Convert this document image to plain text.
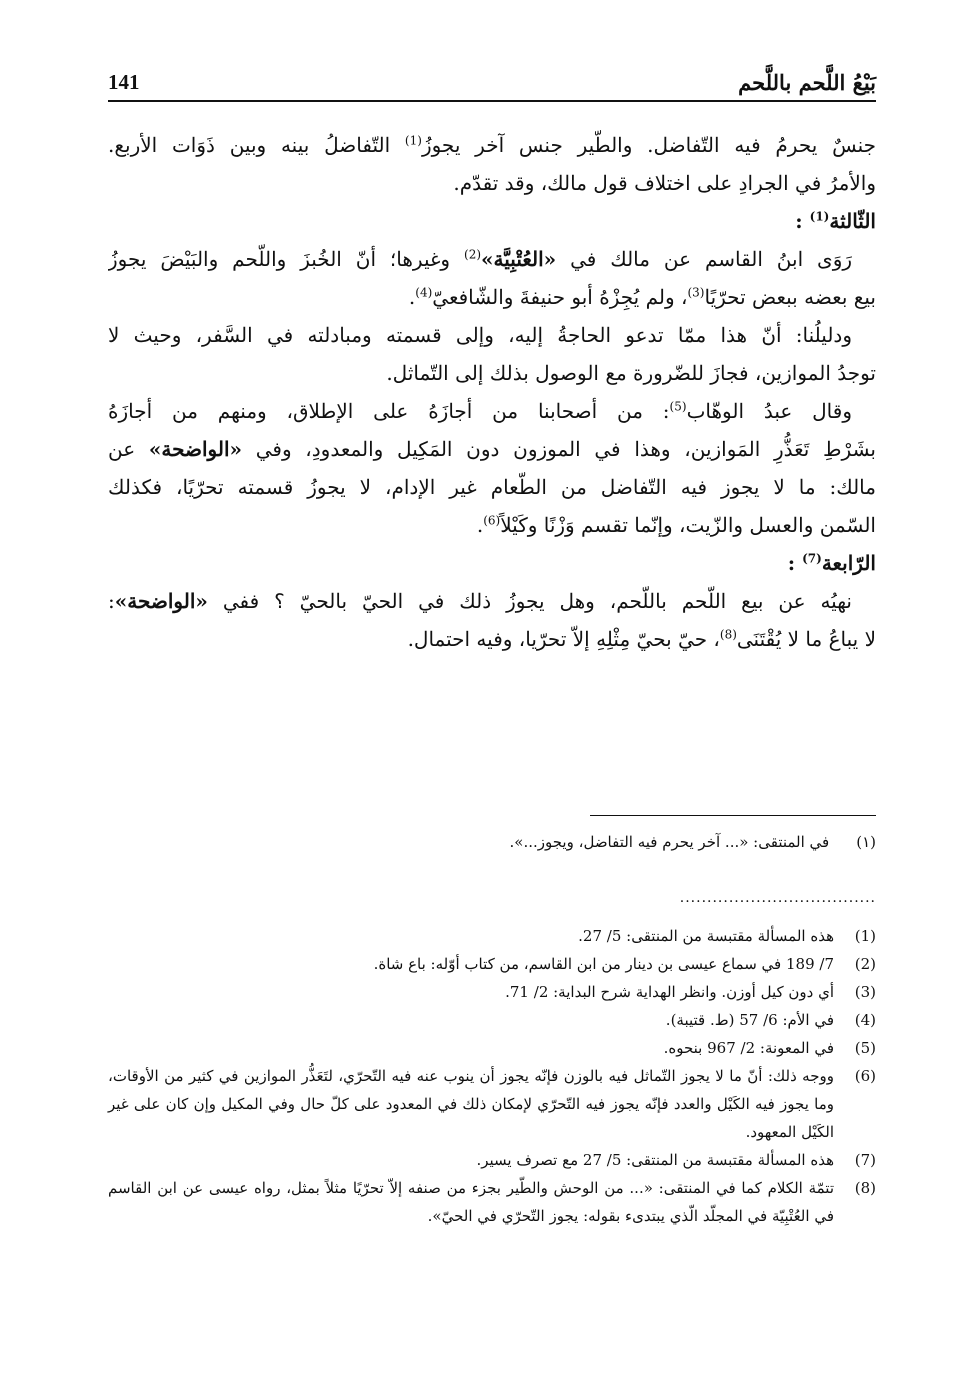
بَيْعُ اللَّحم باللَّحم
141

جنسٌ يحرمُ فيه التّفاضل. والطّير جنس آخر يجوزُ$^{(1)}$ التّفاضلُ بينه وبين ذَوَات الأربع.

والأمرُ في الجرادِ على اختلاف قول مالك، وقد تقدّم.

الثّالثة$^{(1)}$ :

رَوَى ابنُ القاسم عن مالك في «العُتْبِيَّة»$^{(2)}$ وغيرها؛ أنّ الخُبزَ واللّحم والبَيْضَ يجوزُ

بيع بعضه ببعض تحرّيًا$^{(3)}$، ولم يُجِزْهُ أبو حنيفةَ والشّافعيّ$^{(4)}$.

ودليلُنا: أنّ هذا ممّا تدعو الحاجةُ إليه، وإلى قسمته ومبادلته في السَّفر، وحيث لا

توجدُ الموازين، فجازَ للضّرورة مع الوصول بذلك إلى التّماثل.

وقال عبدُ الوهّاب$^{(5)}$: من أصحابنا من أجازَهُ على الإطلاق، ومنهم من أجازَهُ

بشَرْطِ تَعَذُّرِ المَوازين، وهذا في الموزون دون المَكِيل والمعدودِ، وفي «الواضحة» عن

مالك: ما لا يجوز فيه التّفاضل من الطّعام غير الإدام، لا يجوزُ قسمته تحرّيًا، فكذلك

السّمن والعسل والزّيت، وإنّما تقسم وَزْنًا وكَيْلاً$^{(6)}$.

الرّابعة$^{(7)}$ :

نهيُه عن بيع اللّحم باللّحم، وهل يجوزُ ذلك في الحيّ بالحيّ ؟ ففي «الواضحة»:

لا يباعُ ما لا يُقْتَنَى$^{(8)}$، حيّ بحيّ مِثْلِهِ إلاّ تحرّيا، وفيه احتمال.

(١) في المنتقى: «... آخر يحرم فيه التفاضل، ويجوز...».
....................................
(1)
هذه المسألة مقتبسة من المنتقى: 5/ 27.
(2)
7/ 189 في سماع عيسى بن دينار من ابن القاسم، من كتاب أوّله: باع شاة.
(3)
أي دون كيل أوزن. وانظر الهداية شرح البداية: 2/ 71.
(4)
في الأم: 6/ 57 (ط. قتيبة).
(5)
في المعونة: 2/ 967 بنحوه.
(6)
ووجه ذلك: أنّ ما لا يجوز التّماثل فيه بالوزن فإنّه يجوز أن ينوب عنه فيه التّحرّي، لتَعَذُّر الموازين في كثير من الأوقات، وما يجوز فيه الكَيْل والعدد فإنّه يجوز فيه التّحرّي لإمكان ذلك في المعدود على كلّ حال وفي المكيل وإن كان على غير الكَيْل المعهود.
(7)
هذه المسألة مقتبسة من المنتقى: 5/ 27 مع تصرف يسير.
(8)
تتمّة الكلام كما في المنتقى: «... من الوحش والطّير بجزء من صنفه إلاّ تحرّيًا مثلاً بمثل، رواه عيسى عن ابن القاسم في العُتْبِيّة في المجلّد الّذي يبتدىء بقوله: يجوز التّحرّي في الحيّ».
